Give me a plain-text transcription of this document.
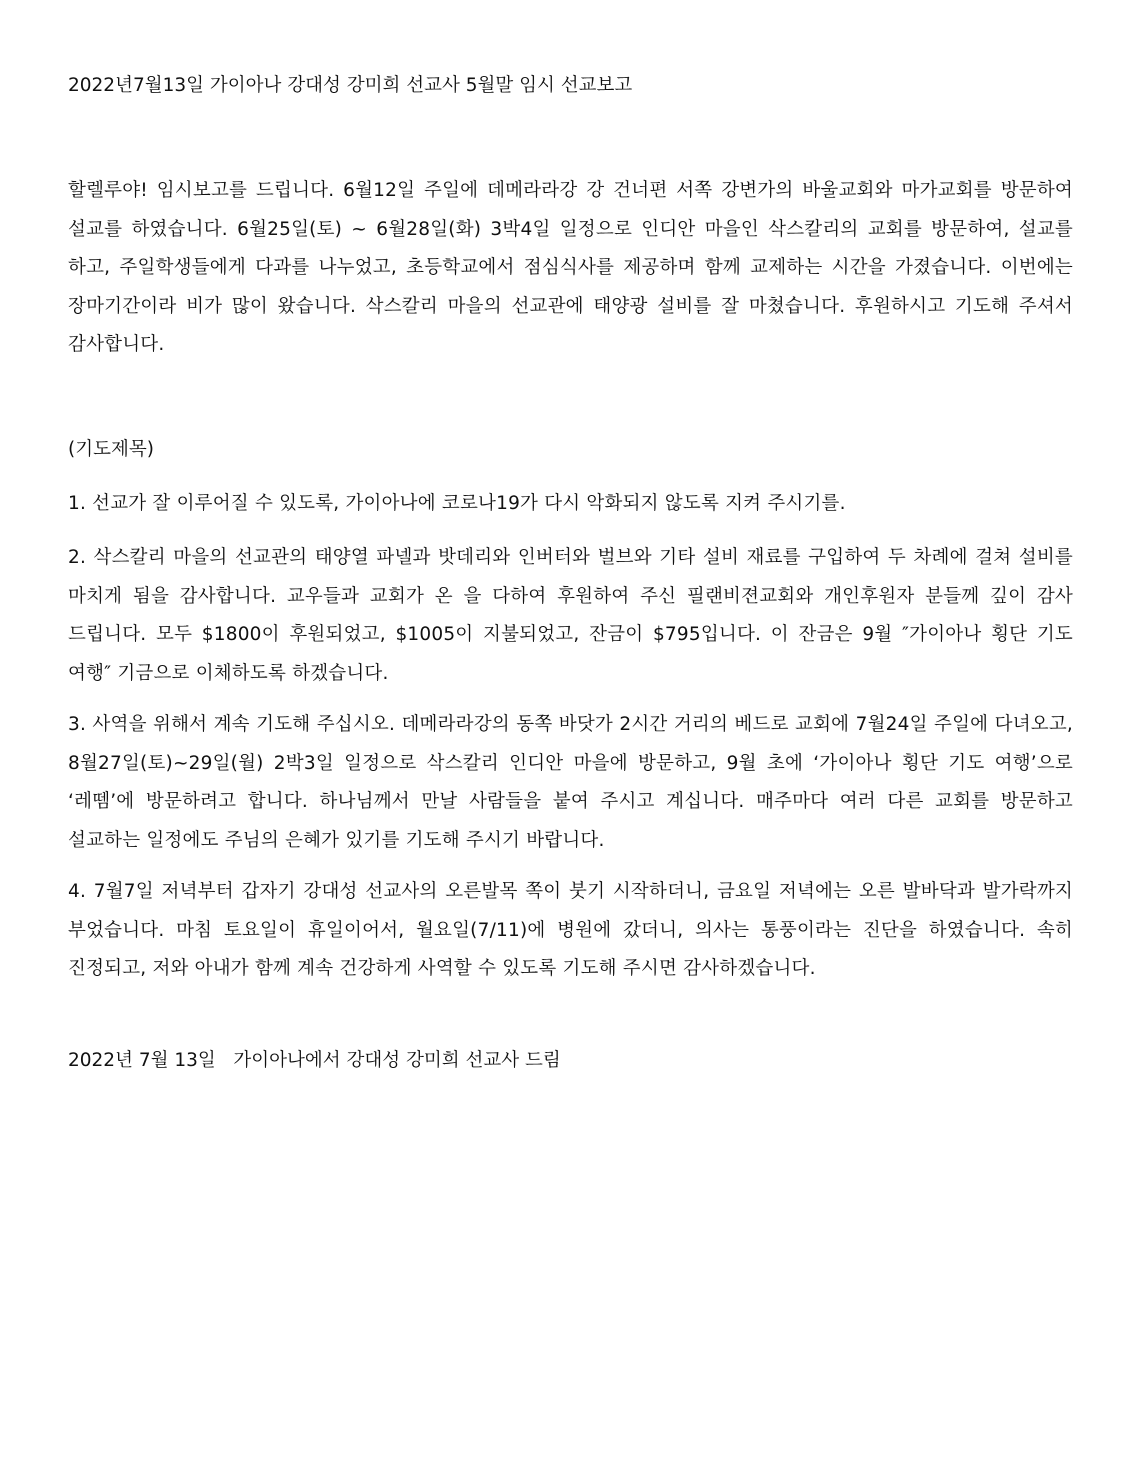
2022년7월13일 가이아나 강대성 강미희 선교사 5월말 임시 선교보고

할렐루야! 임시보고를 드립니다. 6월12일 주일에 데메라라강 강 건너편 서쪽 강변가의 바울교회와 마가교회를 방문하여 설교를 하였습니다. 6월25일(토) ~ 6월28일(화) 3박4일 일정으로 인디안 마을인 삭스칼리의 교회를 방문하여, 설교를 하고, 주일학생들에게 다과를 나누었고, 초등학교에서 점심식사를 제공하며 함께 교제하는 시간을 가졌습니다. 이번에는 장마기간이라 비가 많이 왔습니다. 삭스칼리 마을의 선교관에 태양광 설비를 잘 마쳤습니다. 후원하시고 기도해 주셔서 감사합니다.

(기도제목)

1. 선교가 잘 이루어질 수 있도록, 가이아나에 코로나19가 다시 악화되지 않도록 지켜 주시기를.

2. 삭스칼리 마을의 선교관의 태양열 파넬과 밧데리와 인버터와 벌브와 기타 설비 재료를 구입하여 두 차례에 걸쳐 설비를 마치게 됨을 감사합니다. 교우들과 교회가 온 을 다하여 후원하여 주신 필랜비젼교회와 개인후원자 분들께 깊이 감사 드립니다. 모두 $1800이 후원되었고, $1005이 지불되었고, 잔금이 $795입니다. 이 잔금은 9월 ″가이아나 횡단 기도 여행″ 기금으로 이체하도록 하겠습니다.

3. 사역을 위해서 계속 기도해 주십시오. 데메라라강의 동쪽 바닷가 2시간 거리의 베드로 교회에 7월24일 주일에 다녀오고, 8월27일(토)~29일(월) 2박3일 일정으로 삭스칼리 인디안 마을에 방문하고, 9월 초에 ‘가이아나 횡단 기도 여행’으로 ‘레뗌’에 방문하려고 합니다. 하나님께서 만날 사람들을 붙여 주시고 계십니다. 매주마다 여러 다른 교회를 방문하고 설교하는 일정에도 주님의 은혜가 있기를 기도해 주시기 바랍니다.

4. 7월7일 저녁부터 갑자기 강대성 선교사의 오른발목 쪽이 붓기 시작하더니, 금요일 저녁에는 오른 발바닥과 발가락까지 부었습니다. 마침 토요일이 휴일이어서, 월요일(7/11)에 병원에 갔더니, 의사는 통풍이라는 진단을 하였습니다. 속히 진정되고, 저와 아내가 함께 계속 건강하게 사역할 수 있도록 기도해 주시면 감사하겠습니다.

2022년 7월 13일   가이아나에서 강대성 강미희 선교사 드림
